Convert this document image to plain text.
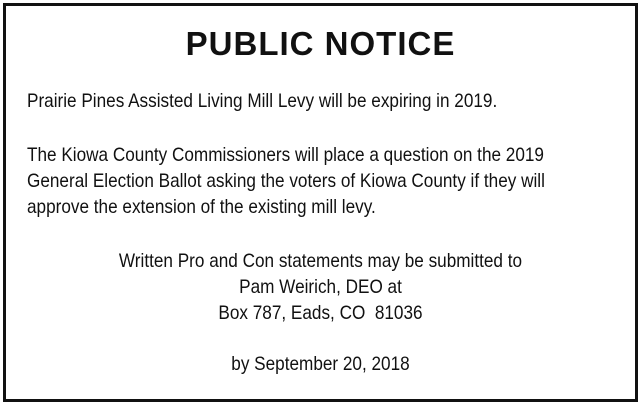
PUBLIC NOTICE

Prairie Pines Assisted Living Mill Levy will be expiring in 2019.

The Kiowa County Commissioners will place a question on the 2019
General Election Ballot asking the voters of Kiowa County if they will
approve the extension of the existing mill levy.

Written Pro and Con statements may be submitted to
Pam Weirich, DEO at
Box 787, Eads, CO  81036

by September 20, 2018
